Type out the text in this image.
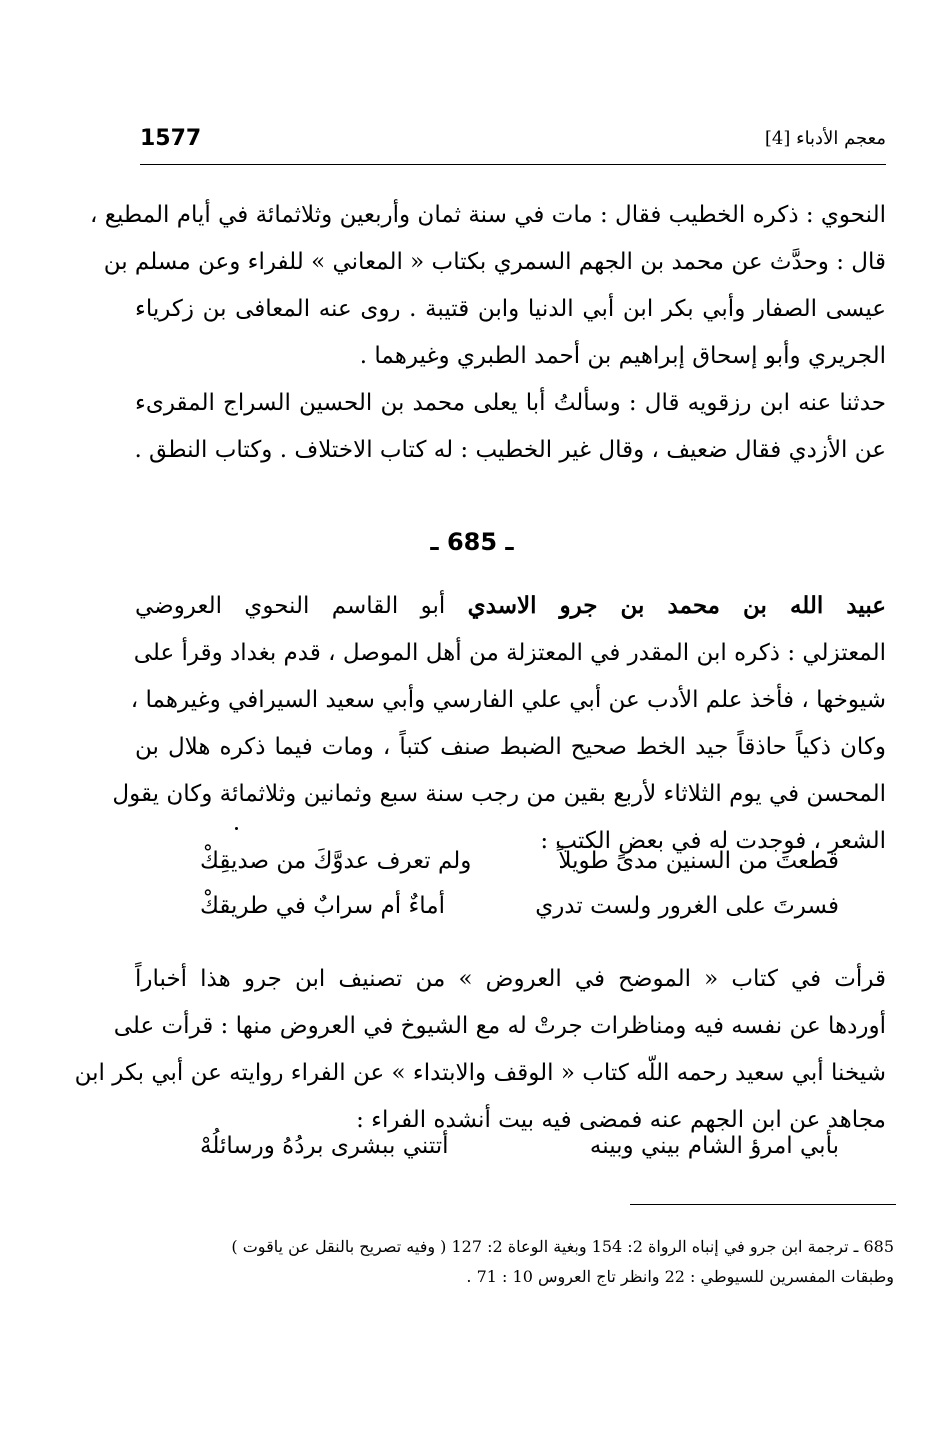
1577	معجم الأدباء [4]
النحوي : ذكره الخطيب فقال : مات في سنة ثمان وأربعين وثلاثمائة في أيام المطيع ،
قال : وحدَّث عن محمد بن الجهم السمري بكتاب « المعاني » للفراء وعن مسلم بن
عيسى الصفار وأبي بكر ابن أبي الدنيا وابن قتيبة . روى عنه المعافى بن زكرياء
الجريري وأبو إسحاق إبراهيم بن أحمد الطبري وغيرهما .
حدثنا عنه ابن رزقويه قال : وسألتُ أبا يعلى محمد بن الحسين السراج المقرىء
عن الأزدي فقال ضعيف ، وقال غير الخطيب : له كتاب الاختلاف . وكتاب النطق .
ـ 685 ـ
عبيد الله بن محمد بن جرو الاسدي أبو القاسم النحوي العروضي
المعتزلي : ذكره ابن المقدر في المعتزلة من أهل الموصل ، قدم بغداد وقرأ على
شيوخها ، فأخذ علم الأدب عن أبي علي الفارسي وأبي سعيد السيرافي وغيرهما ،
وكان ذكياً حاذقاً جيد الخط صحيح الضبط صنف كتباً ، ومات فيما ذكره هلال بن
المحسن في يوم الثلاثاء لأربع بقين من رجب سنة سبع وثمانين وثلاثمائة وكان يقول
الشعر ، فوجدت له في بعض الكتب :
قطعتَ من السنين مدىً طويلاً
ولم تعرف عدوَّكَ من صديقِكْ
فسرتَ على الغرور ولست تدري
أماءٌ أم سرابٌ في طريقكْ
قرأت في كتاب « الموضح في العروض » من تصنيف ابن جرو هذا أخباراً
أوردها عن نفسه فيه ومناظرات جرتْ له مع الشيوخ في العروض منها : قرأت على
شيخنا أبي سعيد رحمه اللّه كتاب « الوقف والابتداء » عن الفراء روايته عن أبي بكر ابن
مجاهد عن ابن الجهم عنه فمضى فيه بيت أنشده الفراء :
بأبي امرؤ الشام بيني وبينه
أتتني ببشرى بردُهُ ورسائلُهْ
685 ـ ترجمة ابن جرو في إنباه الرواة 2: 154 وبغية الوعاة 2: 127 ( وفيه تصريح بالنقل عن ياقوت )
وطبقات المفسرين للسيوطي : 22 وانظر تاج العروس 10 : 71 .
